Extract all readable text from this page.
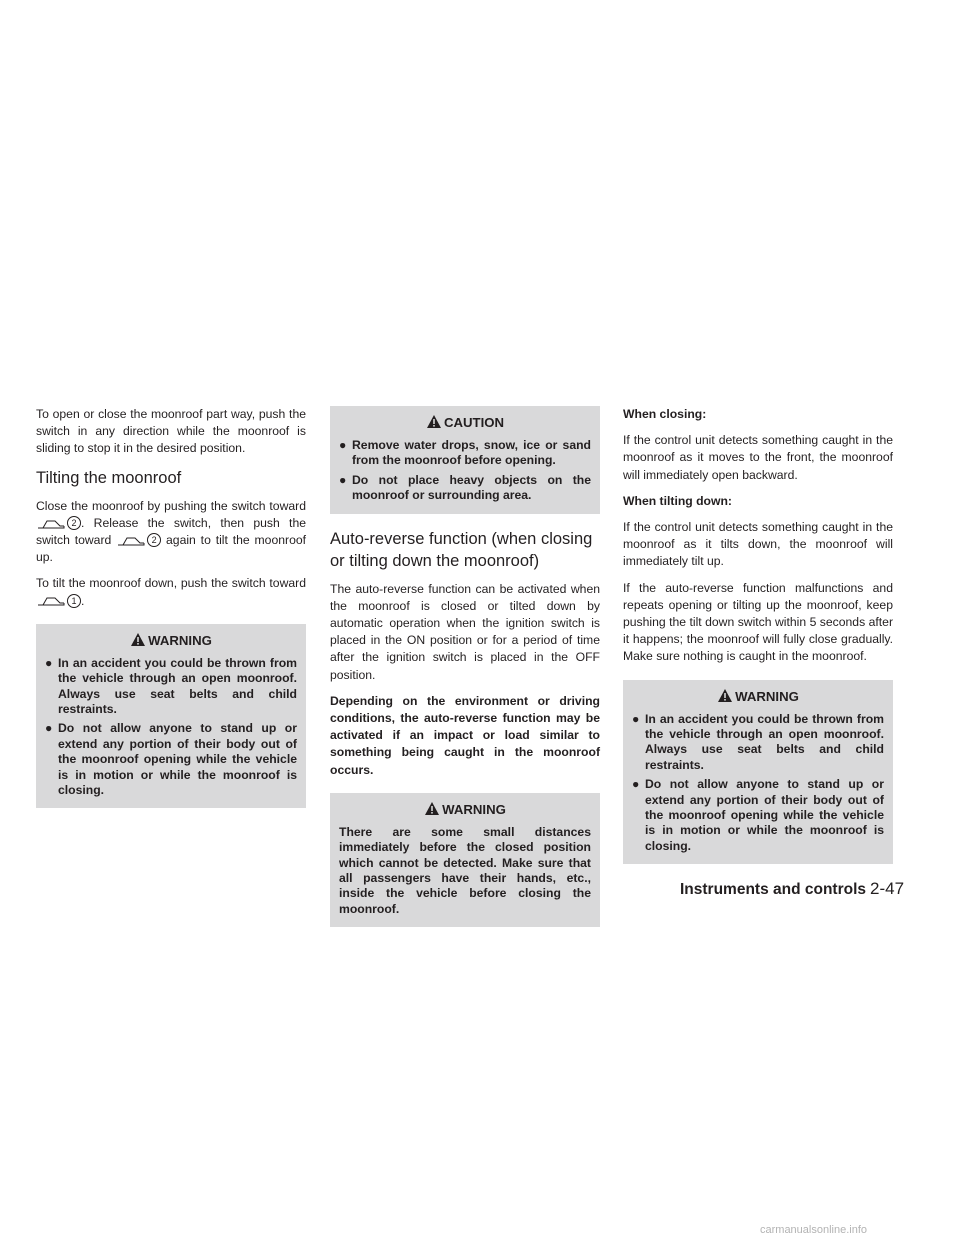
To open or close the moonroof part way, push the switch in any direction while the moonroof is sliding to stop it in the desired position.

Tilting the moonroof

Close the moonroof by pushing the switch toward 2 . Release the switch, then push the switch toward	2 again to tilt the moonroof up.

To tilt the moonroof down, push the switch toward 1 .

WARNING
● In an accident you could be thrown from the vehicle through an open moonroof. Always use seat belts and child restraints.
● Do not allow anyone to stand up or extend any portion of their body out of the moonroof opening while the vehicle is in motion or while the moonroof is closing.
CAUTION
● Remove water drops, snow, ice or sand from the moonroof before opening.
● Do not place heavy objects on the moonroof or surrounding area.
Auto-reverse function (when closing or tilting down the moonroof)

The auto-reverse function can be activated when the moonroof is closed or tilted down by automatic operation when the ignition switch is placed in the ON position or for a period of time after the ignition switch is placed in the OFF position.

Depending on the environment or driving conditions, the auto-reverse function may be activated if an impact or load similar to something being caught in the moonroof occurs.

WARNING

There are some small distances immediately before the closed position which cannot be detected. Make sure that all passengers have their hands, etc., inside the vehicle before closing the moonroof.

When closing:

If the control unit detects something caught in the moonroof as it moves to the front, the moonroof will immediately open backward.

When tilting down:

If the control unit detects something caught in the moonroof as it tilts down, the moonroof will immediately tilt up.

If the auto-reverse function malfunctions and repeats opening or tilting up the moonroof, keep pushing the tilt down switch within 5 seconds after it happens; the moonroof will fully close gradually. Make sure nothing is caught in the moonroof.

WARNING
● In an accident you could be thrown from the vehicle through an open moonroof. Always use seat belts and child restraints.
● Do not allow anyone to stand up or extend any portion of their body out of the moonroof opening while the vehicle is in motion or while the moonroof is closing.
Instruments and controls 2-47
carmanualsonline.info
